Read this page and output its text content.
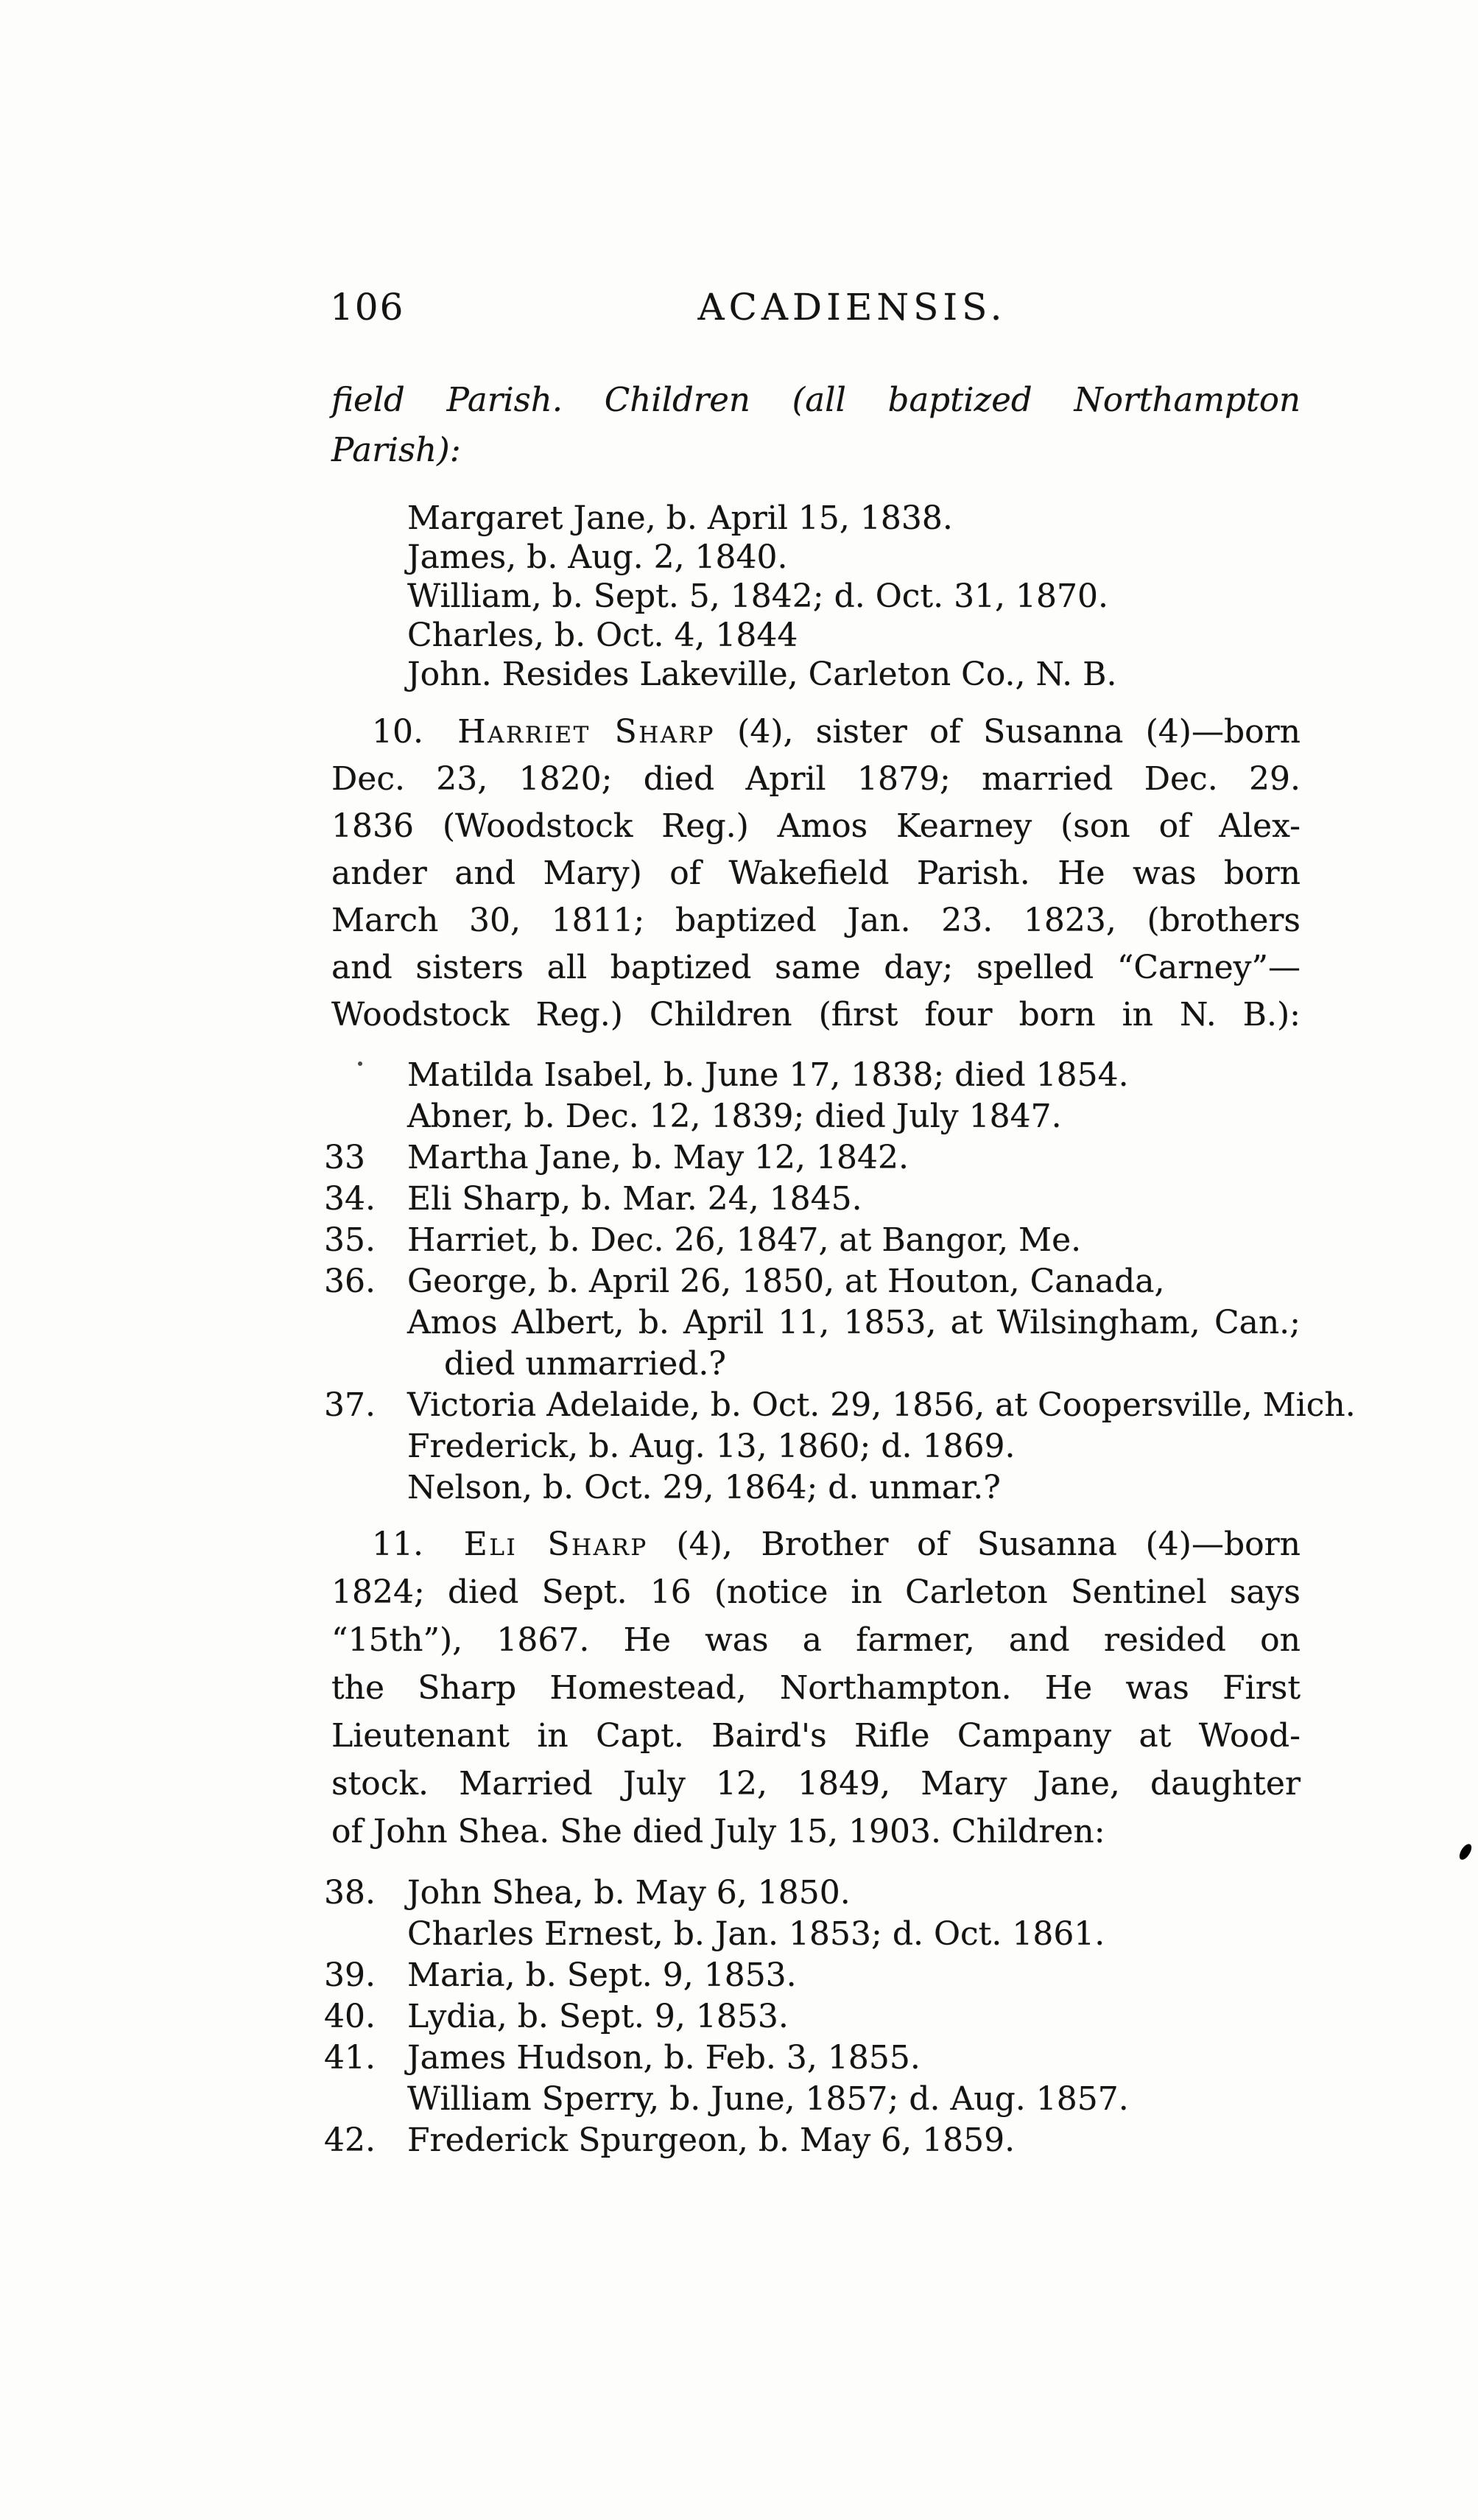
106	ACADIENSIS.
field Parish. Children (all baptized Northampton
Parish):
Margaret Jane, b. April 15, 1838.
James, b. Aug. 2, 1840.
William, b. Sept. 5, 1842; d. Oct. 31, 1870.
Charles, b. Oct. 4, 1844
John. Resides Lakeville, Carleton Co., N. B.
10. Harriet Sharp (4), sister of Susanna (4)—born
Dec. 23, 1820; died April 1879; married Dec. 29.
1836 (Woodstock Reg.) Amos Kearney (son of Alex-
ander and Mary) of Wakefield Parish. He was born
March 30, 1811; baptized Jan. 23. 1823, (brothers
and sisters all baptized same day; spelled “Carney”—
Woodstock Reg.) Children (first four born in N. B.):
Matilda Isabel, b. June 17, 1838; died 1854.
Abner, b. Dec. 12, 1839; died July 1847.
33	Martha Jane, b. May 12, 1842.
34. Eli Sharp, b. Mar. 24, 1845.
35. Harriet, b. Dec. 26, 1847, at Bangor, Me.
36. George, b. April 26, 1850, at Houton, Canada,
Amos Albert, b. April 11, 1853, at Wilsingham, Can.;
died unmarried.?
37. Victoria Adelaide, b. Oct. 29, 1856, at Coopersville, Mich.
Frederick, b. Aug. 13, 1860; d. 1869.
Nelson, b. Oct. 29, 1864; d. unmar.?
11. Eli Sharp (4), Brother of Susanna (4)—born
1824; died Sept. 16 (notice in Carleton Sentinel says
“15th”), 1867. He was a farmer, and resided on
the Sharp Homestead, Northampton. He was First
Lieutenant in Capt. Baird's Rifle Campany at Wood-
stock. Married July 12, 1849, Mary Jane, daughter
of John Shea. She died July 15, 1903. Children:
38. John Shea, b. May 6, 1850.
Charles Ernest, b. Jan. 1853; d. Oct. 1861.
39. Maria, b. Sept. 9, 1853.
40. Lydia, b. Sept. 9, 1853.
41. James Hudson, b. Feb. 3, 1855.
William Sperry, b. June, 1857; d. Aug. 1857.
42. Frederick Spurgeon, b. May 6, 1859.
